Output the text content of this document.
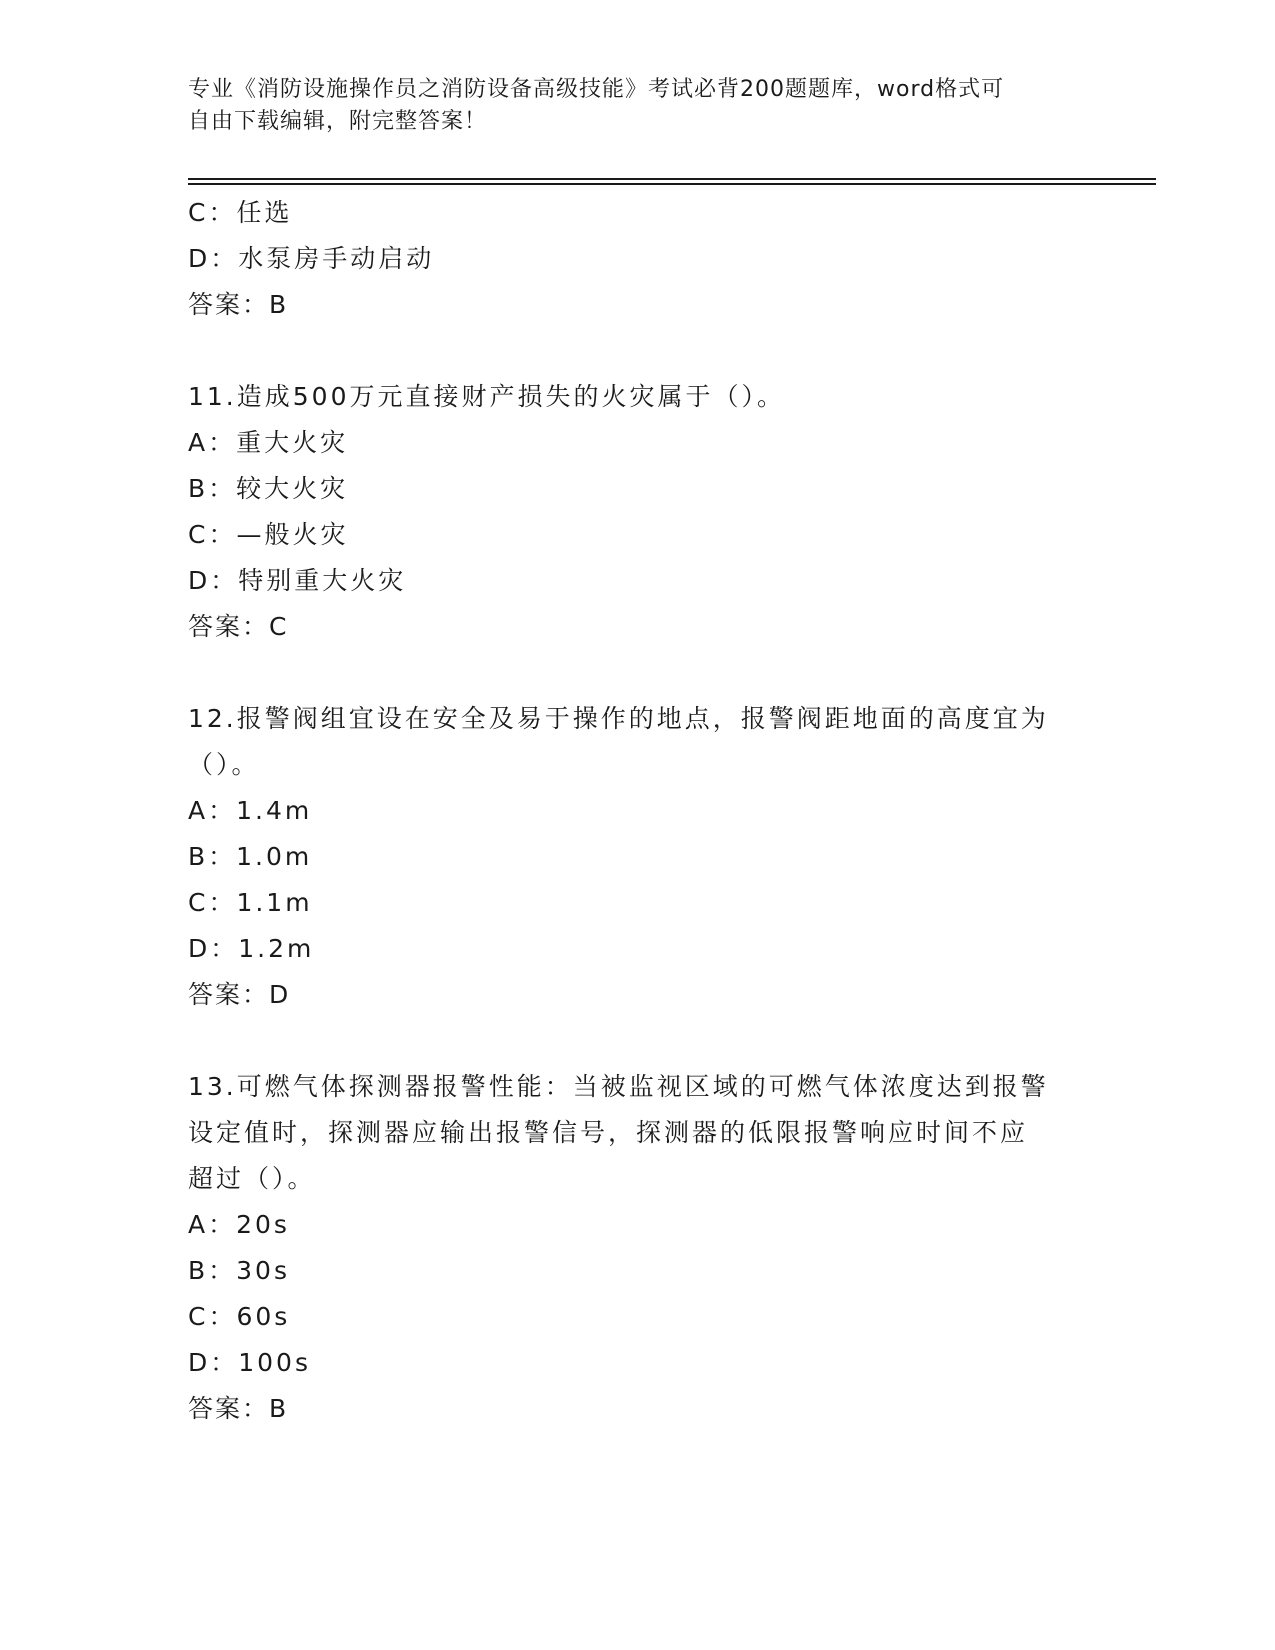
专业《消防设施操作员之消防设备高级技能》考试必背200题题库，word格式可
自由下载编辑，附完整答案！
C：任选
D：水泵房手动启动
答案：B
11.造成500万元直接财产损失的火灾属于（）。
A：重大火灾
B：较大火灾
C：—般火灾
D：特别重大火灾
答案：C
12.报警阀组宜设在安全及易于操作的地点，报警阀距地面的高度宜为
（）。
A：1.4m
B：1.0m
C：1.1m
D：1.2m
答案：D
13.可燃气体探测器报警性能：当被监视区域的可燃气体浓度达到报警
设定值时，探测器应输出报警信号，探测器的低限报警响应时间不应
超过（）。
A：20s
B：30s
C：60s
D：100s
答案：B
